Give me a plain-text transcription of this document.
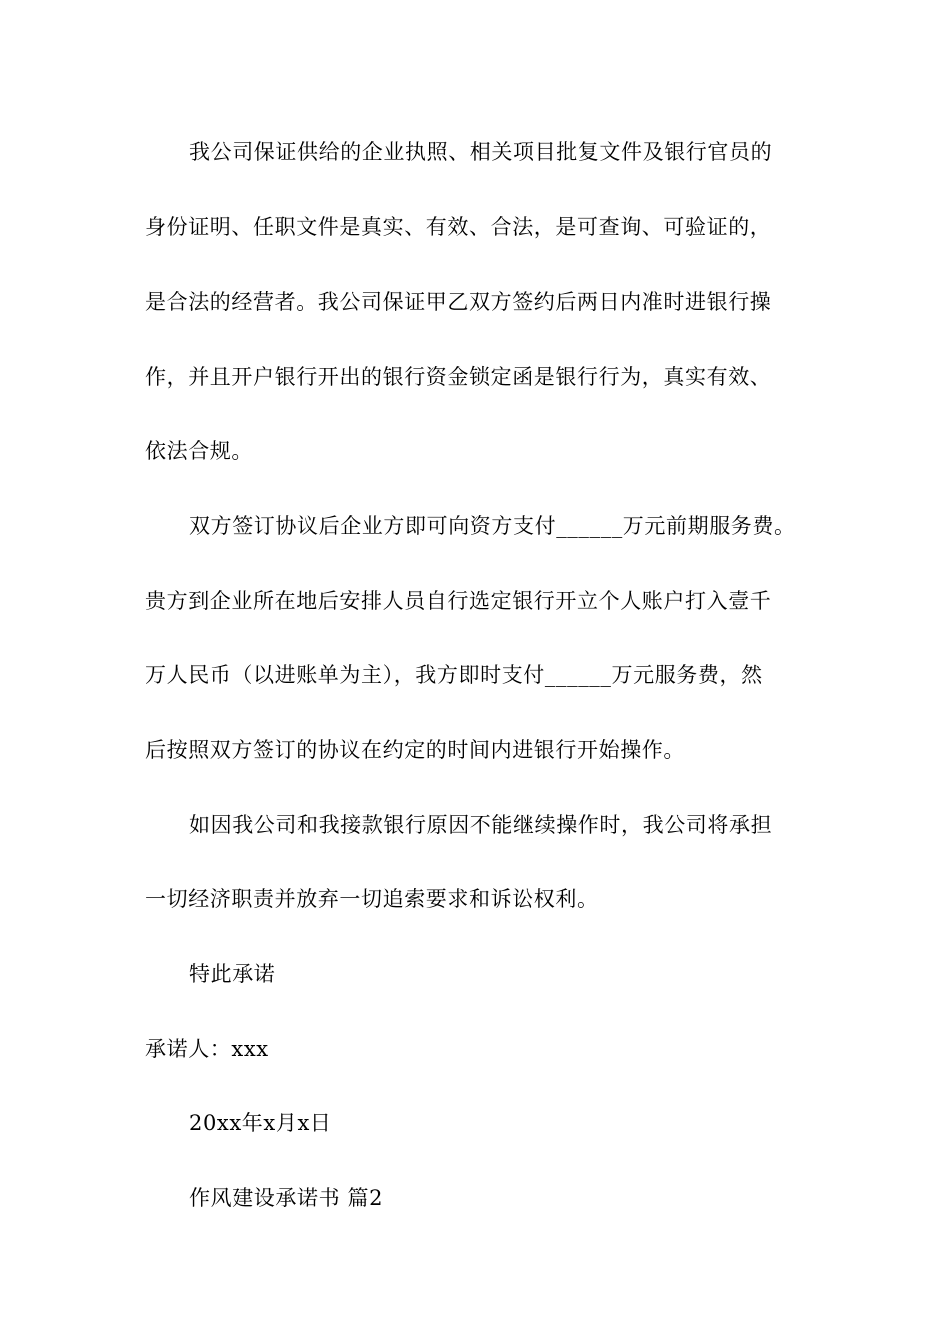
我公司保证供给的企业执照、相关项目批复文件及银行官员的
身份证明、任职文件是真实、有效、合法，是可查询、可验证的，
是合法的经营者。我公司保证甲乙双方签约后两日内准时进银行操
作，并且开户银行开出的银行资金锁定函是银行行为，真实有效、
依法合规。
双方签订协议后企业方即可向资方支付______万元前期服务费。
贵方到企业所在地后安排人员自行选定银行开立个人账户打入壹千
万人民币（以进账单为主），我方即时支付______万元服务费，然
后按照双方签订的协议在约定的时间内进银行开始操作。
如因我公司和我接款银行原因不能继续操作时，我公司将承担
一切经济职责并放弃一切追索要求和诉讼权利。
特此承诺
承诺人：xxx
20xx年x月x日
作风建设承诺书 篇2
